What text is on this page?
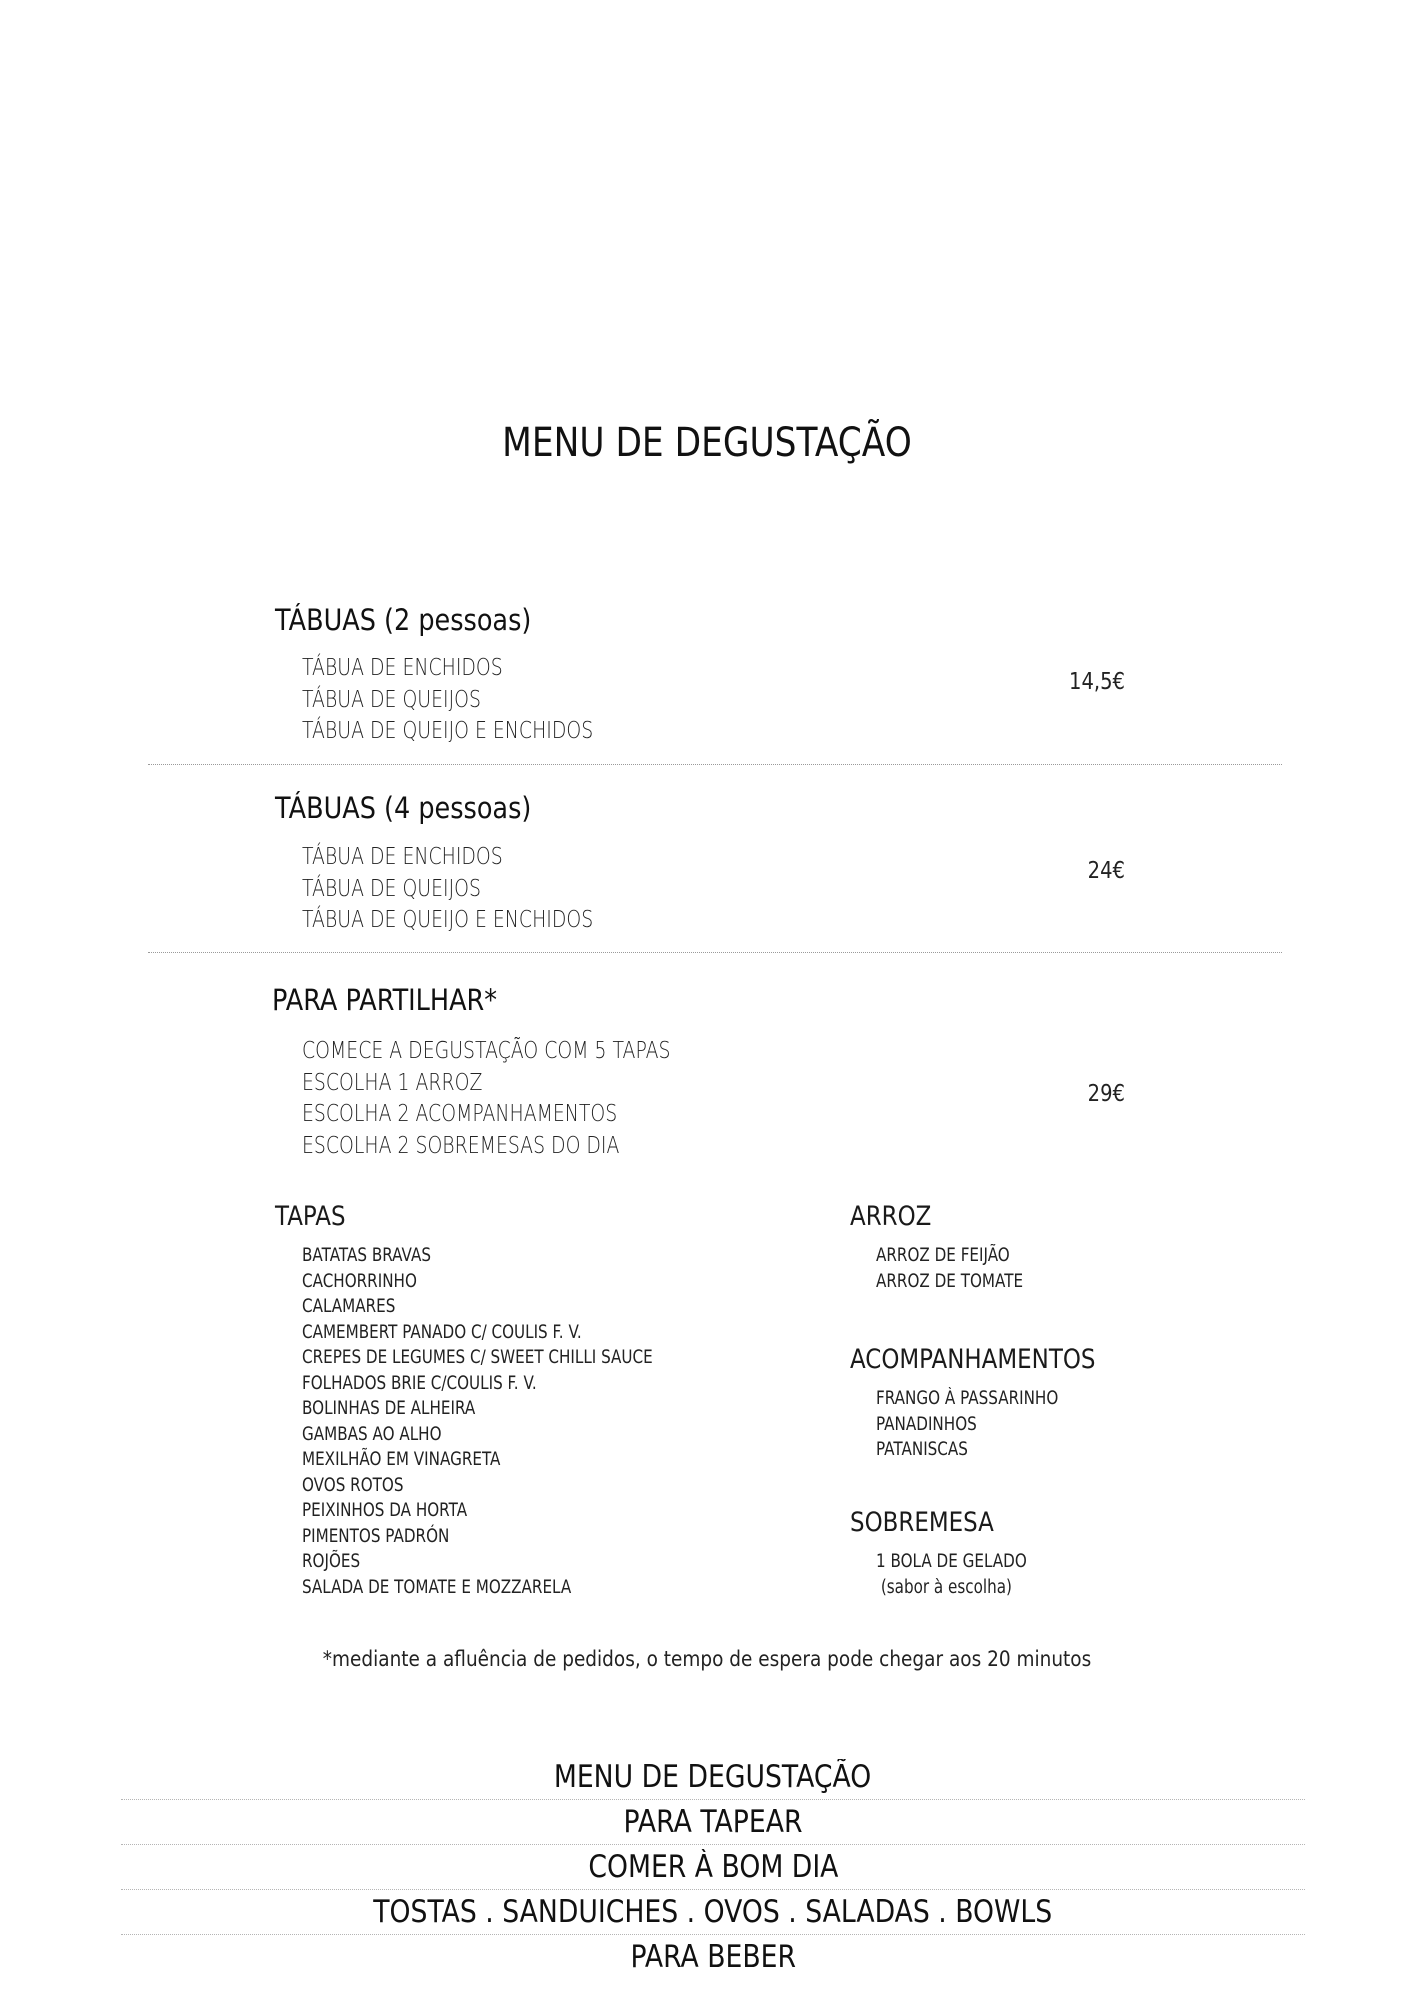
MENU DE DEGUSTAÇÃO
TÁBUAS (2 pessoas)
TÁBUA DE ENCHIDOS
TÁBUA DE QUEIJOS
TÁBUA DE QUEIJO E ENCHIDOS
14,5€
TÁBUAS (4 pessoas)
TÁBUA DE ENCHIDOS
TÁBUA DE QUEIJOS
TÁBUA DE QUEIJO E ENCHIDOS
24€
PARA PARTILHAR*
COMECE A DEGUSTAÇÃO COM 5 TAPAS
ESCOLHA 1 ARROZ
ESCOLHA 2 ACOMPANHAMENTOS
ESCOLHA 2 SOBREMESAS DO DIA
29€
TAPAS
BATATAS BRAVAS
CACHORRINHO
CALAMARES
CAMEMBERT PANADO C/ COULIS F. V.
CREPES DE LEGUMES C/ SWEET CHILLI SAUCE
FOLHADOS BRIE C/COULIS F. V.
BOLINHAS DE ALHEIRA
GAMBAS AO ALHO
MEXILHÃO EM VINAGRETA
OVOS ROTOS
PEIXINHOS DA HORTA
PIMENTOS PADRÓN
ROJÕES
SALADA DE TOMATE E MOZZARELA
ARROZ
ARROZ DE FEIJÃO
ARROZ DE TOMATE
ACOMPANHAMENTOS
FRANGO À PASSARINHO
PANADINHOS
PATANISCAS
SOBREMESA
1 BOLA DE GELADO
(sabor à escolha)
*mediante a afluência de pedidos, o tempo de espera pode chegar aos 20 minutos
MENU DE DEGUSTAÇÃO
PARA TAPEAR
COMER À BOM DIA
TOSTAS . SANDUICHES . OVOS . SALADAS . BOWLS
PARA BEBER
